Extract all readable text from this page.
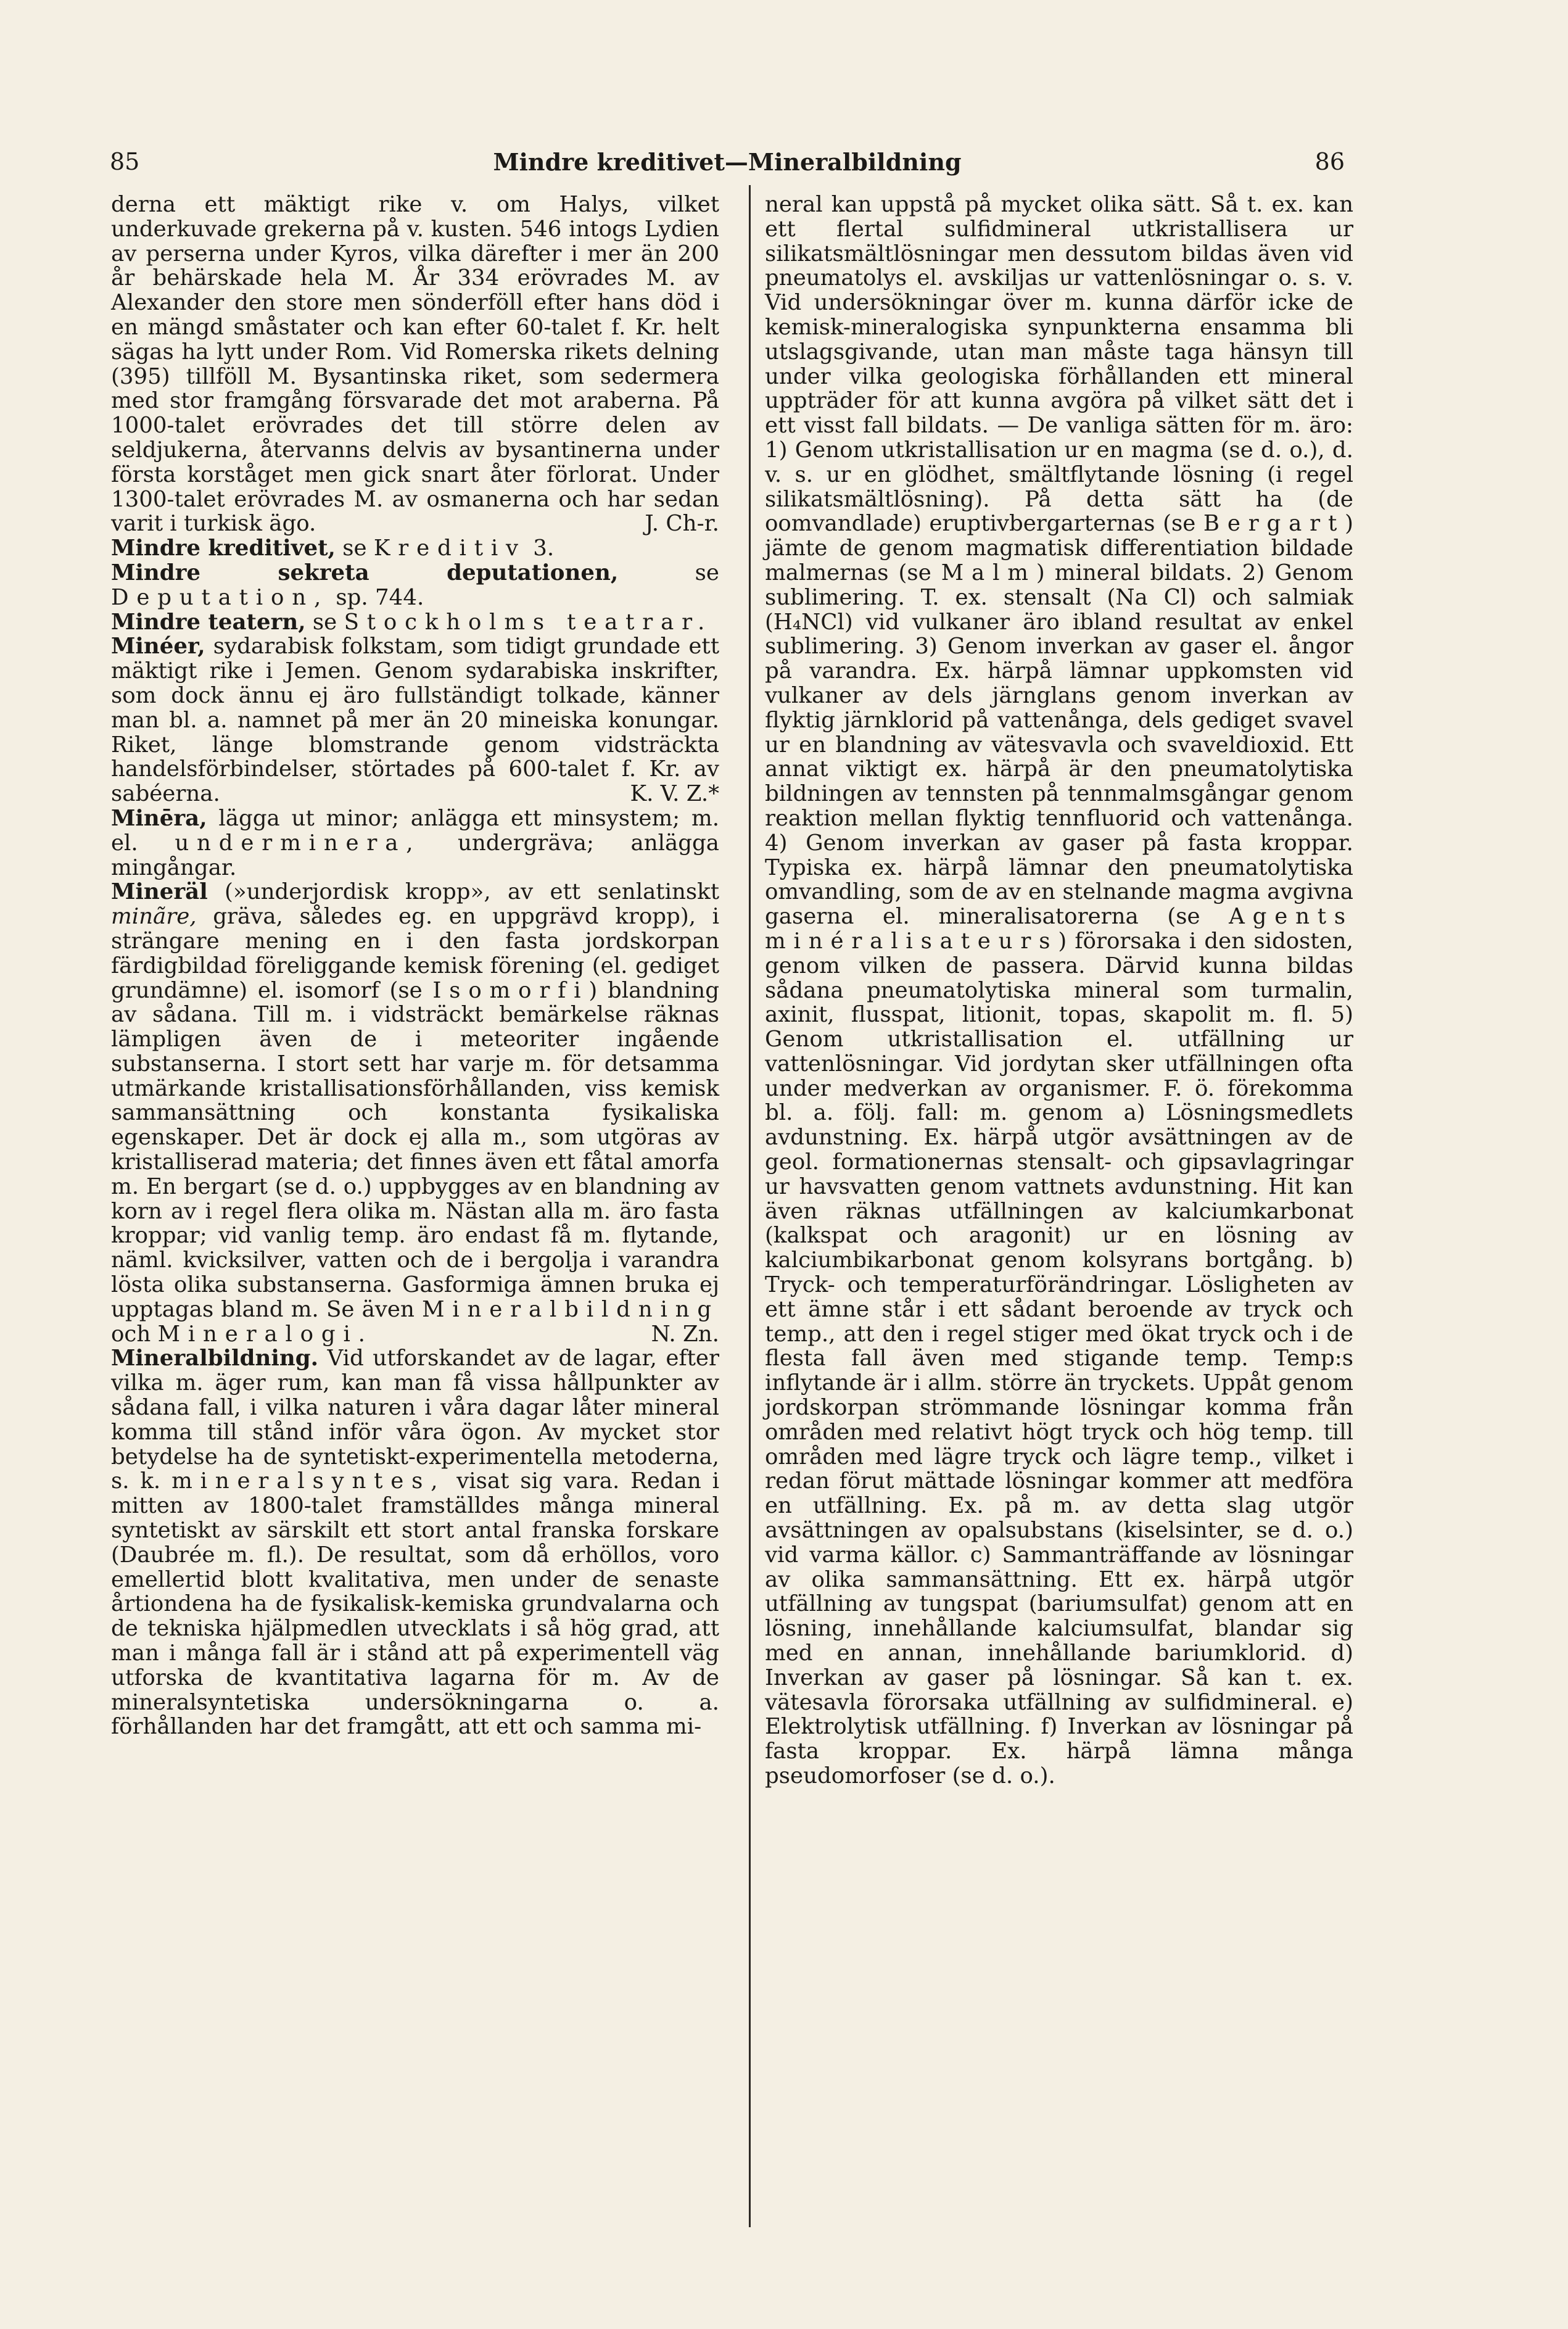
85	Mindre kreditivet—Mineralbildning	86

derna ett mäktigt rike v. om Halys, vilket underkuvade grekerna på v. kusten. 546 intogs Lydien av perserna under Kyros, vilka därefter i mer än 200 år behärskade hela M. År 334 erövrades M. av Alexander den store men sönderföll efter hans död i en mängd småstater och kan efter 60-talet f. Kr. helt sägas ha lytt under Rom. Vid Romerska rikets delning (395) tillföll M. Bysantinska riket, som sedermera med stor framgång försvarade det mot araberna. På 1000-talet erövrades det till större delen av seldjukerna, återvanns delvis av bysantinerna under första korståget men gick snart åter förlorat. Under 1300-talet erövrades M. av osmanerna och har sedan varit i turkisk ägo.	J. Ch-r.

Mindre kreditivet, se Kreditiv 3.

Mindre sekreta deputationen,	se Deputation, sp. 744.

Mindre teatern, se Stockholms teatrar.

Minéer, sydarabisk folkstam, som tidigt grundade ett mäktigt rike i Jemen. Genom sydarabiska inskrifter, som dock ännu ej äro fullständigt tolkade, känner man bl. a. namnet på mer än 20 mineiska konungar. Riket, länge blomstrande genom vidsträckta handelsförbindelser, störtades på 600-talet f. Kr. av sabéerna.	K. V. Z.*

Minēra, lägga ut minor; anlägga ett minsystem; m. el. underminera, undergräva; anlägga mingångar.

Mineräl (»underjordisk kropp», av ett senlatinskt minãre, gräva, således eg. en uppgrävd kropp), i strängare mening en i den fasta jordskorpan färdigbildad föreliggande kemisk förening (el. gediget grundämne) el. isomorf (se Isomorfi) blandning av sådana. Till m. i vidsträckt bemärkelse räknas lämpligen även de i meteoriter ingående substanserna. I stort sett har varje m. för detsamma utmärkande kristallisationsförhållanden, viss kemisk sammansättning och konstanta fysikaliska egenskaper. Det är dock ej alla m., som utgöras av kristalliserad materia; det finnes även ett fåtal amorfa m. En bergart (se d. o.) uppbygges av en blandning av korn av i regel flera olika m. Nästan alla m. äro fasta kroppar; vid vanlig temp. äro endast få m. flytande, näml. kvicksilver, vatten och de i bergolja i varandra lösta olika substanserna. Gasformiga ämnen bruka ej upptagas bland m. Se även Mineralbildning och Mineralogi.	N. Zn.

Mineralbildning. Vid utforskandet av de lagar, efter vilka m. äger rum, kan man få vissa hållpunkter av sådana fall, i vilka naturen i våra dagar låter mineral komma till stånd inför våra ögon. Av mycket stor betydelse ha de syntetiskt-experimentella metoderna, s. k. mineralsyntes, visat sig vara. Redan i mitten av 1800-talet framställdes många mineral syntetiskt av särskilt ett stort antal franska forskare (Daubrée m. fl.). De resultat, som då erhöllos, voro emellertid blott kvalitativa, men under de senaste årtiondena ha de fysikalisk-kemiska grundvalarna och de tekniska hjälpmedlen utvecklats i så hög grad, att man i många fall är i stånd att på experimentell väg utforska de kvantitativa lagarna för m. Av de mineralsyntetiska undersökningarna o. a. förhållanden har det framgått, att ett och samma mi-

neral kan uppstå på mycket olika sätt. Så t. ex. kan ett flertal sulfidmineral utkristallisera ur silikatsmältlösningar men dessutom bildas även vid pneumatolys el. avskiljas ur vattenlösningar o. s. v. Vid undersökningar över m. kunna därför icke de kemisk-mineralogiska synpunkterna ensamma bli utslagsgivande, utan man måste taga hänsyn till under vilka geologiska förhållanden ett mineral uppträder för att kunna avgöra på vilket sätt det i ett visst fall bildats. — De vanliga sätten för m. äro: 1) Genom utkristallisation ur en magma (se d. o.), d. v. s. ur en glödhet, smältflytande lösning (i regel silikatsmältlösning). På detta sätt ha (de oomvandlade) eruptivbergarternas (se Bergart) jämte de genom magmatisk differentiation bildade malmernas (se Malm) mineral bildats. 2) Genom sublimering. T. ex. stensalt (Na Cl) och salmiak (H₄NCl) vid vulkaner äro ibland resultat av enkel sublimering. 3) Genom inverkan av gaser el. ångor på varandra. Ex. härpå lämnar uppkomsten vid vulkaner av dels järnglans genom inverkan av flyktig järnklorid på vattenånga, dels gediget svavel ur en blandning av vätesvavla och svaveldioxid. Ett annat viktigt ex. härpå är den pneumatolytiska bildningen av tennsten på tennmalmsgångar genom reaktion mellan flyktig tennfluorid och vattenånga. 4) Genom inverkan av gaser på fasta kroppar. Typiska ex. härpå lämnar den pneumatolytiska omvandling, som de av en stelnande magma avgivna gaserna el. mineralisatorerna (se Agents minéralisateurs) förorsaka i den sidosten, genom vilken de passera. Därvid kunna bildas sådana pneumatolytiska mineral som turmalin, axinit, flusspat, litionit, topas, skapolit m. fl. 5) Genom utkristallisation el. utfällning ur vattenlösningar. Vid jordytan sker utfällningen ofta under medverkan av organismer. F. ö. förekomma bl. a. följ. fall: m. genom a) Lösningsmedlets avdunstning. Ex. härpå utgör avsättningen av de geol. formationernas stensalt- och gipsavlagringar ur havsvatten genom vattnets avdunstning. Hit kan även räknas utfällningen av kalciumkarbonat (kalkspat och aragonit) ur en lösning av kalciumbikarbonat genom kolsyrans bortgång. b) Tryck- och temperaturförändringar. Lösligheten av ett ämne står i ett sådant beroende av tryck och temp., att den i regel stiger med ökat tryck och i de flesta fall även med stigande temp. Temp:s inflytande är i allm. större än tryckets. Uppåt genom jordskorpan strömmande lösningar komma från områden med relativt högt tryck och hög temp. till områden med lägre tryck och lägre temp., vilket i redan förut mättade lösningar kommer att medföra en utfällning. Ex. på m. av detta slag utgör avsättningen av opalsubstans (kiselsinter, se d. o.) vid varma källor. c) Sammanträffande av lösningar av olika sammansättning. Ett ex. härpå utgör utfällning av tungspat (bariumsulfat) genom att en lösning, innehållande kalciumsulfat, blandar sig med en annan, innehållande bariumklorid. d) Inverkan av gaser på lösningar. Så kan t. ex. vätesavla förorsaka utfällning av sulfidmineral. e) Elektrolytisk utfällning. f) Inverkan av lösningar på fasta kroppar. Ex. härpå lämna många pseudomorfoser (se d. o.).
